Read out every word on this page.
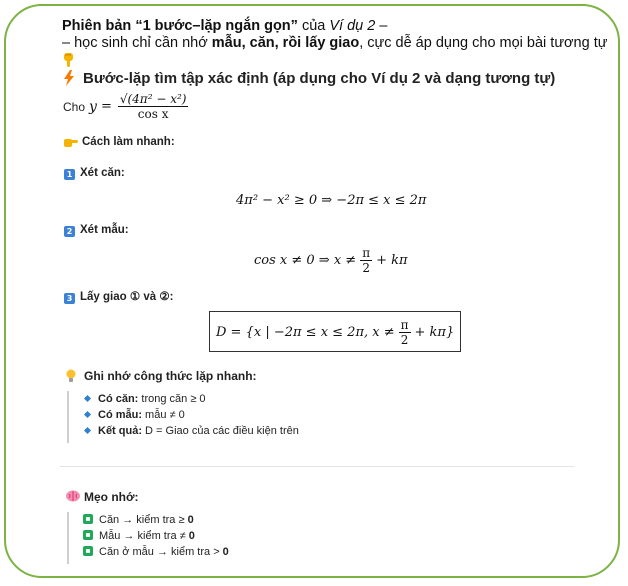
Phiên bản “1 bước–lặp ngắn gọn” của Ví dụ 2 –
– học sinh chỉ cần nhớ mẫu, căn, rồi lấy giao, cực dễ áp dụng cho mọi bài tương tự
Bước-lặp tìm tập xác định (áp dụng cho Ví dụ 2 và dạng tương tự)
Cho $y = \frac{\text{√(4π² − x²)}}{\text{cos x}}$
Cách làm nhanh:
1 Xét căn:
4π² − x² ≥ 0 ⇒ −2π ≤ x ≤ 2π
2 Xét mẫu:
cos x ≠ 0 ⇒ $x \ne \frac{\pi}{2} + k\pi$
3 Lấy giao ① và ②:
D = {x | −2π ≤ x ≤ 2π, $x \ne \frac{\pi}{2} + k\pi$}
Ghi nhớ công thức lặp nhanh:
Có căn: trong căn ≥ 0
Có mẫu: mẫu ≠ 0
Kết quả: D = Giao của các điều kiện trên
Mẹo nhớ:
Căn → kiểm tra ≥ 0
Mẫu → kiểm tra ≠ 0
Căn ở mẫu → kiểm tra > 0
